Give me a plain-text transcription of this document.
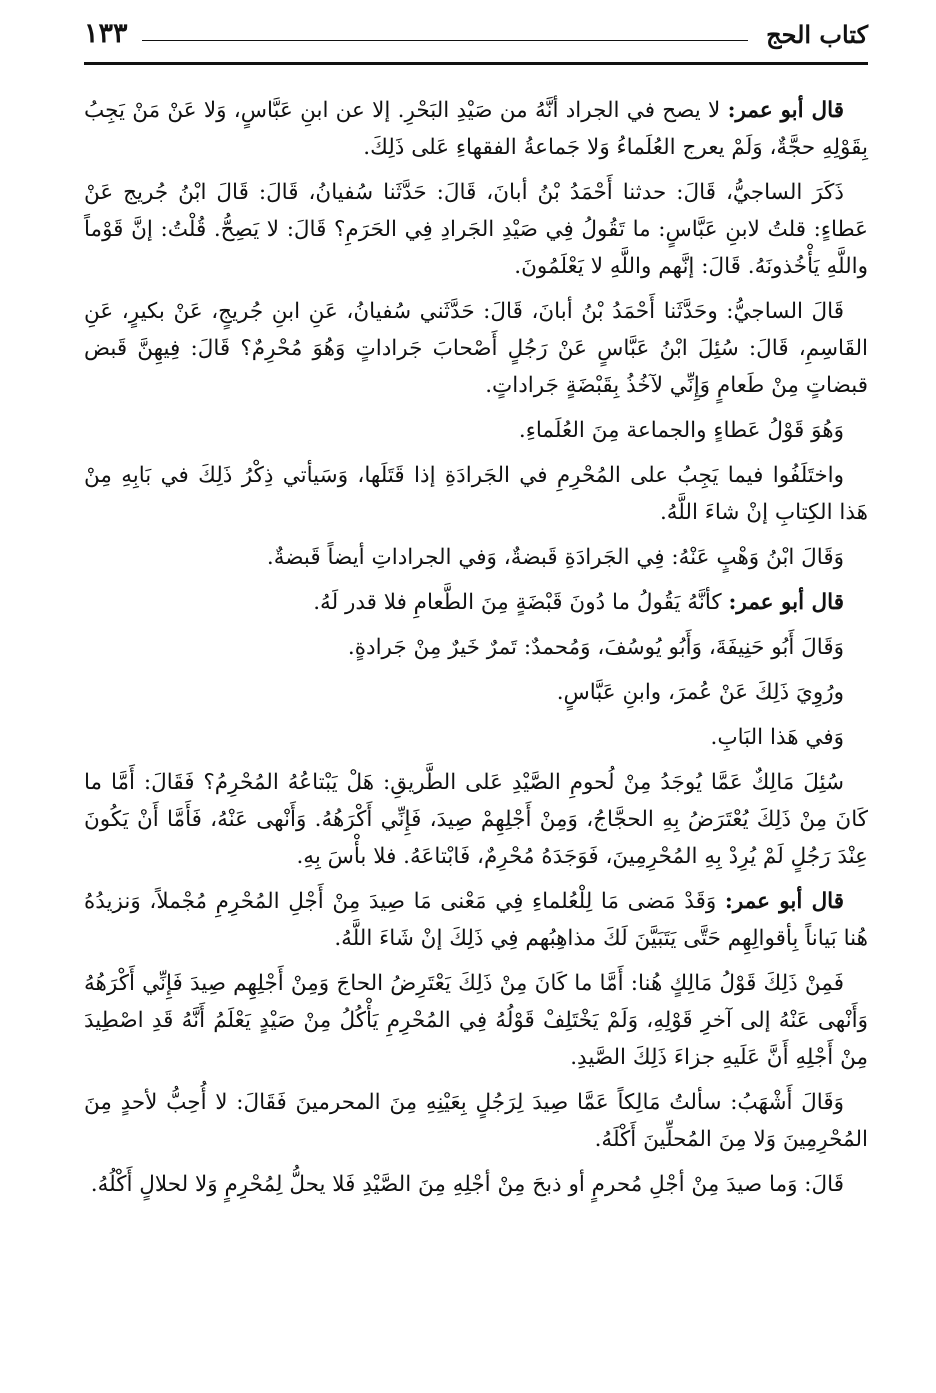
كتاب الحج
١٣٣

قال أبو عمر: لا يصح في الجراد أنَّهُ من صَيْدِ البَحْرِ. إلا عن ابنِ عَبَّاسٍ، وَلا عَنْ مَنْ يَجِبُ بِقَوْلِهِ حجَّةٌ، وَلَمْ يعرج العُلَماءُ وَلا جَماعةُ الفقهاءِ عَلى ذَلِكَ.

ذَكَرَ الساجيُّ، قَالَ: حدثنا أَحْمَدُ بْنُ أبانَ، قَالَ: حَدَّثَنا سُفيانُ، قَالَ: قَالَ ابْنُ جُريج عَنْ عَطاءٍ: قلتُ لابنِ عَبَّاسٍ: ما تَقُولُ فِي صَيْدِ الجَرادِ فِي الحَرَمِ؟ قَالَ: لا يَصِحُّ. قُلْتُ: إنَّ قَوْماً واللَّهِ يَأْخُذونَهُ. قَالَ: إنَّهم واللَّهِ لا يَعْلَمُونَ.

قَالَ الساجيُّ: وحَدَّثَنا أَحْمَدُ بْنُ أبانَ، قَالَ: حَدَّثَني سُفيانُ، عَنِ ابنِ جُريجٍ، عَنْ بكيرٍ، عَنِ القَاسِمِ، قَالَ: سُئِلَ ابْنُ عَبَّاسٍ عَنْ رَجُلٍ أَصْحابَ جَراداتٍ وَهُوَ مُحْرِمٌ؟ قَالَ: فِيهِنَّ قَبض قبضاتٍ مِنْ طَعامٍ وَإِنِّي لآخُذُ بِقَبْضَةٍ جَراداتٍ.

وَهُوَ قَوْلُ عَطاءٍ والجماعة مِنَ العُلَماءِ.

واختَلَفُوا فيما يَجِبُ على المُحْرِمِ في الجَرادَةِ إذا قَتَلَها، وَسَيأتي ذِكْرُ ذَلِكَ في بَابِهِ مِنْ هَذا الكِتابِ إنْ شاءَ اللَّهُ.

وَقَالَ ابْنُ وَهْبٍ عَنْهُ: فِي الجَرادَةِ قَبضةٌ، وَفي الجراداتِ أيضاً قَبضةٌ.

قال أبو عمر: كأنَّهُ يَقُولُ ما دُونَ قَبْضَةٍ مِنَ الطَّعامِ فلا قدر لَهُ.

وَقَالَ أَبُو حَنِيفَةَ، وَأَبُو يُوسُفَ، وَمُحمدٌ: تَمرٌ خَيرٌ مِنْ جَرادةٍ.

ورُوِيَ ذَلِكَ عَنْ عُمرَ، وابنِ عَبَّاسٍ.

وَفي هَذا البَابِ.

سُئِلَ مَالِكٌ عَمَّا يُوجَدُ مِنْ لُحومِ الصَّيْدِ عَلى الطَّريقِ: هَلْ يَبْتاعُهُ المُحْرِمُ؟ فَقَالَ: أَمَّا ما كَانَ مِنْ ذَلِكَ يُعْتَرَضُ بِهِ الحجَّاجُ، وَمِنْ أَجْلِهِمْ صِيدَ، فَإِنِّي أَكْرَهُهُ. وَأَنْهى عَنْهُ، فَأَمَّا أَنْ يَكُونَ عِنْدَ رَجُلٍ لَمْ يُرِدْ بِهِ المُحْرِمِينَ، فَوَجَدَهُ مُحْرِمٌ، فَابْتاعَهُ. فلا بأْسَ بِهِ.

قال أبو عمر: وَقَدْ مَضى مَا لِلْعُلماءِ فِي مَعْنى مَا صِيدَ مِنْ أَجْلِ المُحْرِمِ مُجْملاً، وَنزيدُهُ هُنا بَياناً بِأقوالِهِم حَتَّى يَتَبَيَّنَ لَكَ مذاهِبُهم فِي ذَلِكَ إنْ شَاءَ اللَّهُ.

فَمِنْ ذَلِكَ قَوْلُ مَالِكٍ هُنا: أَمَّا ما كَانَ مِنْ ذَلِكَ يَعْتَرِضُ الحاجَ وَمِنْ أَجْلِهِم صِيدَ فَإِنِّي أَكْرَهُهُ وَأَنْهى عَنْهُ إلى آخرِ قَوْلِهِ، وَلَمْ يَخْتَلِفْ قَوْلُهُ فِي المُحْرِمِ يَأْكُلُ مِنْ صَيْدٍ يَعْلَمُ أَنَّهُ قَدِ اصْطِيدَ مِنْ أَجْلِهِ أَنَّ عَلَيهِ جزاءَ ذَلِكَ الصَّيدِ.

وَقَالَ أَشْهَبُ: سألتُ مَالِكاً عَمَّا صِيدَ لِرَجُلٍ بِعَيْنِهِ مِنَ المحرمينَ فَقَالَ: لا أُحِبُّ لأحدٍ مِنَ المُحْرِمِينَ وَلا مِنَ المُحلِّينَ أَكْلَهُ.

قَالَ: وَما صيدَ مِنْ أجْلِ مُحرمٍ أو ذبحَ مِنْ أجْلِهِ مِنَ الصَّيْدِ فَلا يحلُّ لِمُحْرِمٍ وَلا لحلالٍ أَكْلُهُ.
